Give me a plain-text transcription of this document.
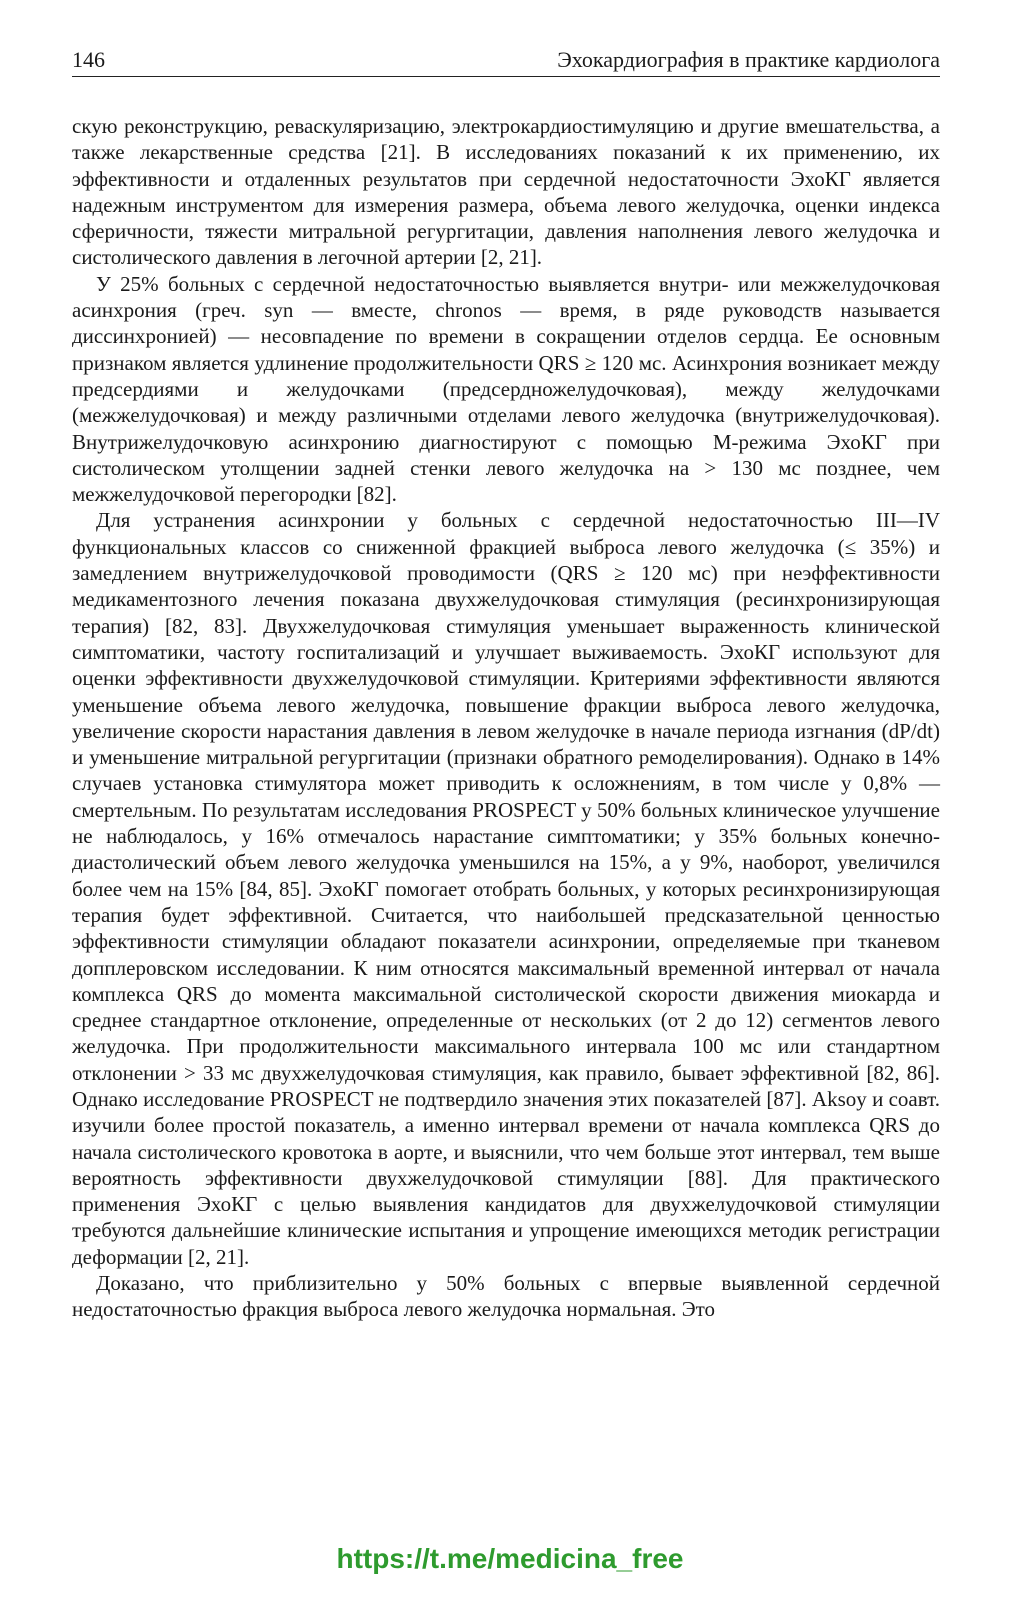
146	Эхокардиография в практике кардиолога

скую реконструкцию, реваскуляризацию, электрокардиостимуляцию и другие вмешательства, а также лекарственные средства [21]. В исследованиях показаний к их применению, их эффективности и отдаленных результатов при сердечной недостаточности ЭхоКГ является надежным инструментом для измерения размера, объема левого желудочка, оценки индекса сферичности, тяжести митральной регургитации, давления наполнения левого желудочка и систолического давления в легочной артерии [2, 21].

У 25% больных с сердечной недостаточностью выявляется внутри- или межжелудочковая асинхрония (греч. syn — вместе, chronos — время, в ряде руководств называется диссинхронией) — несовпадение по времени в сокращении отделов сердца. Ее основным признаком является удлинение продолжительности QRS ≥ 120 мс. Асинхрония возникает между предсердиями и желудочками (предсердножелудочковая), между желудочками (межжелудочковая) и между различными отделами левого желудочка (внутрижелудочковая). Внутрижелудочковую асинхронию диагностируют с помощью М-режима ЭхоКГ при систолическом утолщении задней стенки левого желудочка на > 130 мс позднее, чем межжелудочковой перегородки [82].

Для устранения асинхронии у больных с сердечной недостаточностью III—IV функциональных классов со сниженной фракцией выброса левого желудочка (≤ 35%) и замедлением внутрижелудочковой проводимости (QRS ≥ 120 мс) при неэффективности медикаментозного лечения показана двухжелудочковая стимуляция (ресинхронизирующая терапия) [82, 83]. Двухжелудочковая стимуляция уменьшает выраженность клинической симптоматики, частоту госпитализаций и улучшает выживаемость. ЭхоКГ используют для оценки эффективности двухжелудочковой стимуляции. Критериями эффективности являются уменьшение объема левого желудочка, повышение фракции выброса левого желудочка, увеличение скорости нарастания давления в левом желудочке в начале периода изгнания (dP/dt) и уменьшение митральной регургитации (признаки обратного ремоделирования). Однако в 14% случаев установка стимулятора может приводить к осложнениям, в том числе у 0,8% — смертельным. По результатам исследования PROSPECT у 50% больных клиническое улучшение не наблюдалось, у 16% отмечалось нарастание симптоматики; у 35% больных конечно-диастолический объем левого желудочка уменьшился на 15%, а у 9%, наоборот, увеличился более чем на 15% [84, 85]. ЭхоКГ помогает отобрать больных, у которых ресинхронизирующая терапия будет эффективной. Считается, что наибольшей предсказательной ценностью эффективности стимуляции обладают показатели асинхронии, определяемые при тканевом допплеровском исследовании. К ним относятся максимальный временной интервал от начала комплекса QRS до момента максимальной систолической скорости движения миокарда и среднее стандартное отклонение, определенные от нескольких (от 2 до 12) сегментов левого желудочка. При продолжительности максимального интервала 100 мс или стандартном отклонении > 33 мс двухжелудочковая стимуляция, как правило, бывает эффективной [82, 86]. Однако исследование PROSPECT не подтвердило значения этих показателей [87]. Aksoy и соавт. изучили более простой показатель, а именно интервал времени от начала комплекса QRS до начала систолического кровотока в аорте, и выяснили, что чем больше этот интервал, тем выше вероятность эффективности двухжелудочковой стимуляции [88]. Для практического применения ЭхоКГ с целью выявления кандидатов для двухжелудочковой стимуляции требуются дальнейшие клинические испытания и упрощение имеющихся методик регистрации деформации [2, 21].

Доказано, что приблизительно у 50% больных с впервые выявленной сердечной недостаточностью фракция выброса левого желудочка нормальная. Это

https://t.me/medicina_free
